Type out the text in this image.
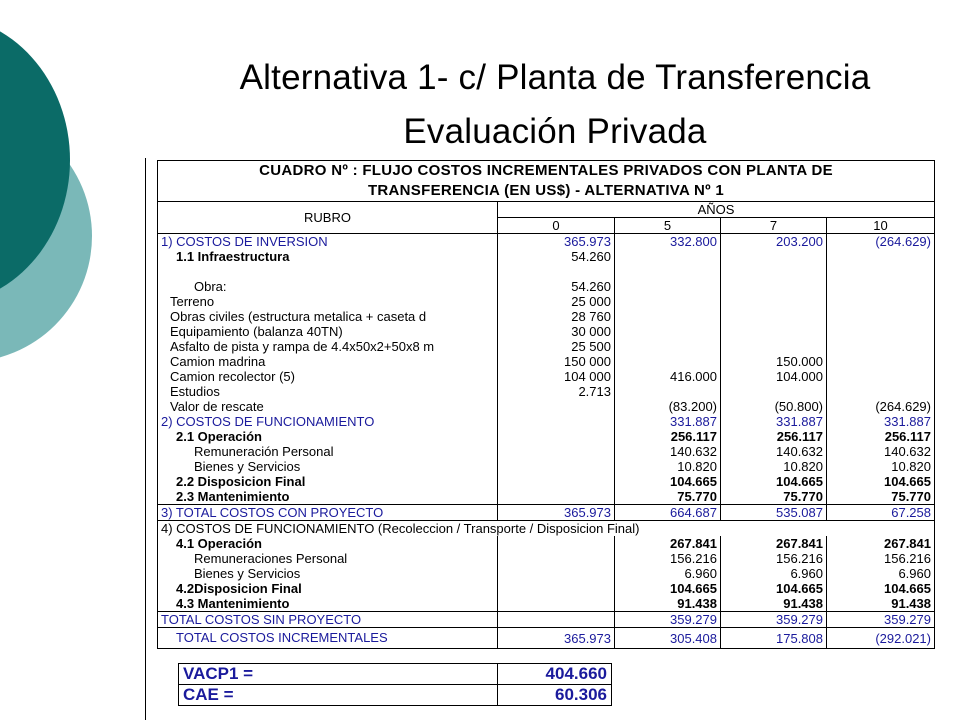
Alternativa 1- c/ Planta de Transferencia
Evaluación Privada
CUADRO Nº : FLUJO COSTOS INCREMENTALES PRIVADOS CON PLANTA DE				
TRANSFERENCIA (EN US$) - ALTERNATIVA Nº 1				
RUBRO	AÑOS			
	0	5	7	10
1) COSTOS DE INVERSION	365.973	332.800	203.200	(264.629)
1.1 Infraestructura	54.260			

Obra:	54.260			
Terreno	25 000			
Obras civiles (estructura metalica + caseta d	28 760			
Equipamiento (balanza 40TN)	30 000			
Asfalto de pista y rampa de 4.4x50x2+50x8 m	25 500			
Camion madrina	150 000		150.000	
Camion recolector (5)	104 000	416.000	104.000	
Estudios	2.713			
Valor de rescate		(83.200)	(50.800)	(264.629)
2) COSTOS DE FUNCIONAMIENTO		331.887	331.887	331.887
2.1 Operación		256.117	256.117	256.117
Remuneración Personal		140.632	140.632	140.632
Bienes y Servicios		10.820	10.820	10.820
2.2 Disposicion Final		104.665	104.665	104.665
2.3 Mantenimiento		75.770	75.770	75.770
3) TOTAL COSTOS CON PROYECTO	365.973	664.687	535.087	67.258
4) COSTOS DE FUNCIONAMIENTO (Recoleccion / Transporte / Disposicion Final)				
4.1 Operación		267.841	267.841	267.841
Remuneraciones Personal		156.216	156.216	156.216
Bienes y Servicios		6.960	6.960	6.960
4.2Disposicion Final		104.665	104.665	104.665
4.3 Mantenimiento		91.438	91.438	91.438
TOTAL COSTOS SIN PROYECTO		359.279	359.279	359.279
TOTAL COSTOS INCREMENTALES	365.973	305.408	175.808	(292.021)
VACP1 =	404.660
CAE =	60.306
